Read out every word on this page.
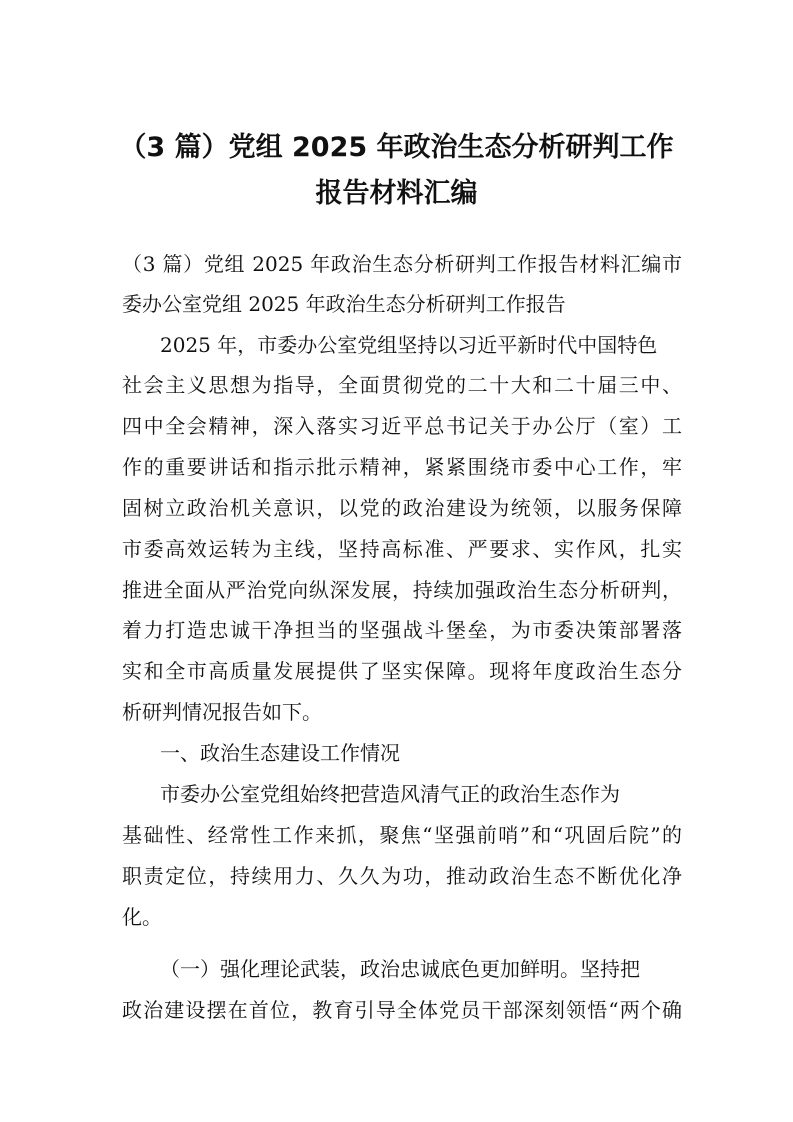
（3 篇）党组 2025 年政治生态分析研判工作
报告材料汇编

（3 篇）党组 2025 年政治生态分析研判工作报告材料汇编市

委办公室党组 2025 年政治生态分析研判工作报告

2025 年，市委办公室党组坚持以习近平新时代中国特色

社会主义思想为指导，全面贯彻党的二十大和二十届三中、

四中全会精神，深入落实习近平总书记关于办公厅（室）工

作的重要讲话和指示批示精神，紧紧围绕市委中心工作，牢

固树立政治机关意识，以党的政治建设为统领，以服务保障

市委高效运转为主线，坚持高标准、严要求、实作风，扎实

推进全面从严治党向纵深发展，持续加强政治生态分析研判，

着力打造忠诚干净担当的坚强战斗堡垒，为市委决策部署落

实和全市高质量发展提供了坚实保障。现将年度政治生态分

析研判情况报告如下。

一、政治生态建设工作情况

市委办公室党组始终把营造风清气正的政治生态作为

基础性、经常性工作来抓，聚焦“坚强前哨”和“巩固后院”的

职责定位，持续用力、久久为功，推动政治生态不断优化净

化。

（一）强化理论武装，政治忠诚底色更加鲜明。坚持把

政治建设摆在首位，教育引导全体党员干部深刻领悟“两个确
